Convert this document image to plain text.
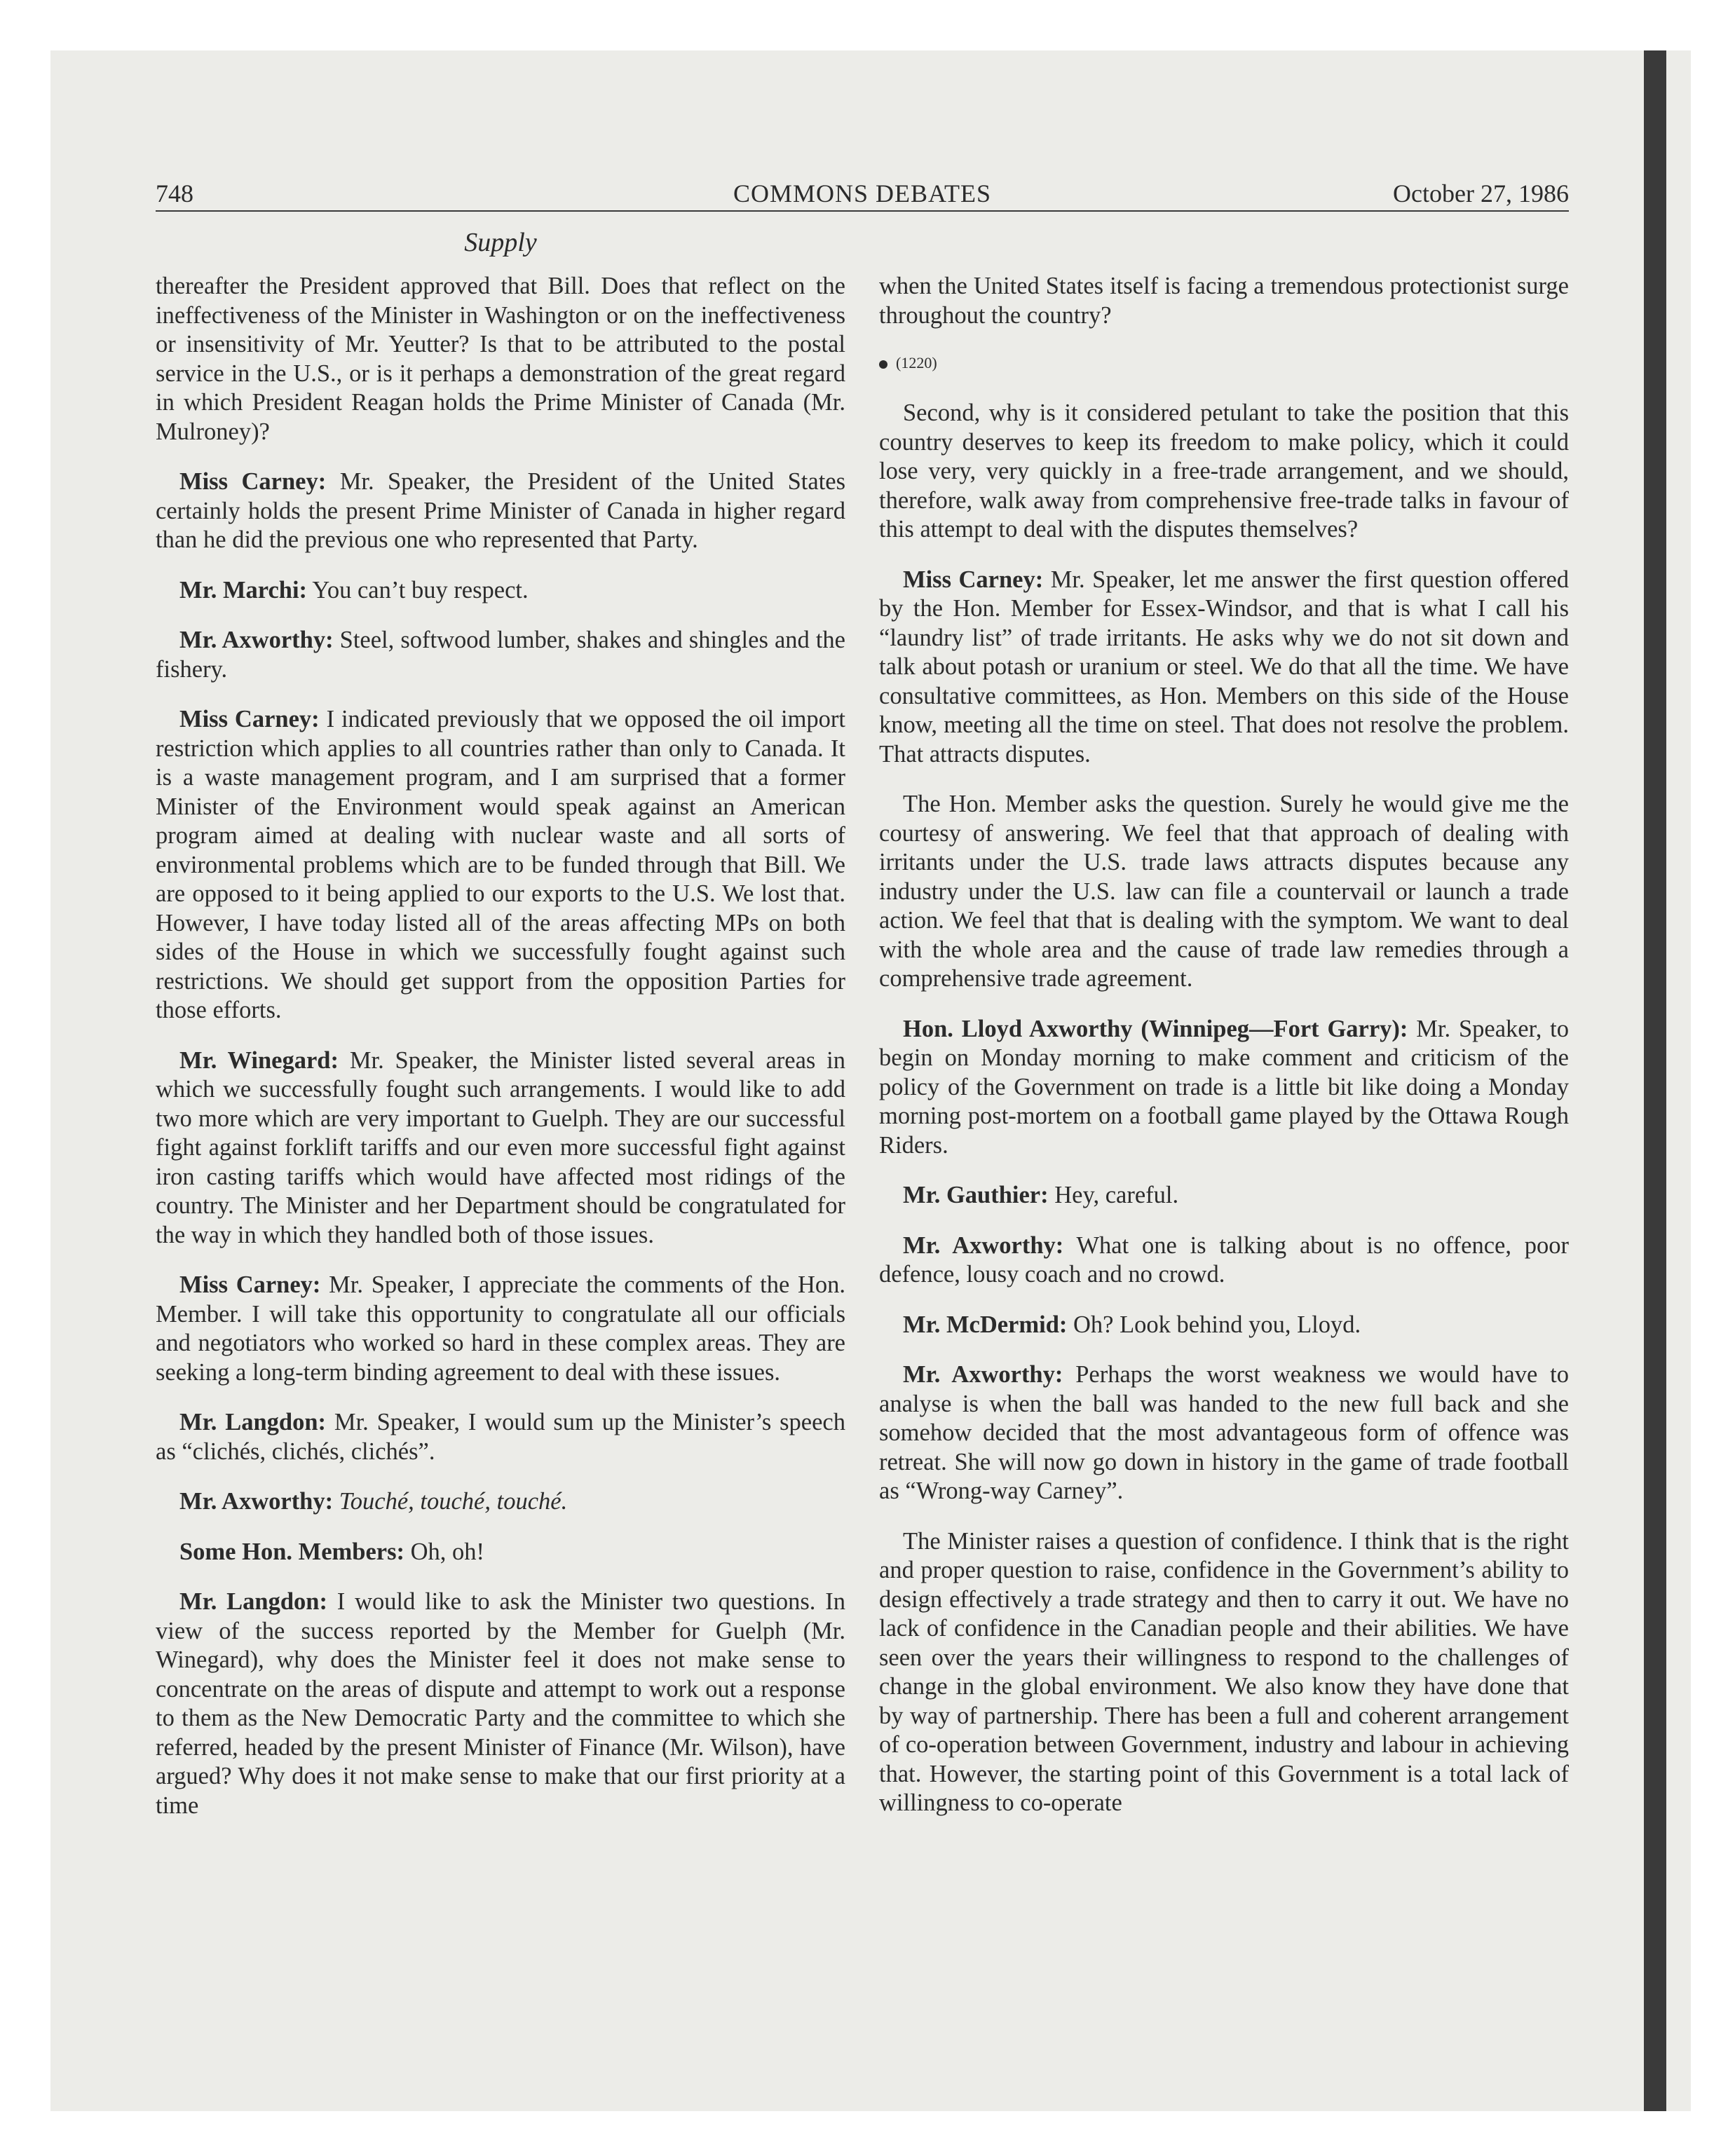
748	COMMONS DEBATES	October 27, 1986
Supply

thereafter the President approved that Bill. Does that reflect on the ineffectiveness of the Minister in Washington or on the ineffectiveness or insensitivity of Mr. Yeutter? Is that to be attributed to the postal service in the U.S., or is it perhaps a demonstration of the great regard in which President Reagan holds the Prime Minister of Canada (Mr. Mulroney)?

Miss Carney: Mr. Speaker, the President of the United States certainly holds the present Prime Minister of Canada in higher regard than he did the previous one who represented that Party.

Mr. Marchi: You can’t buy respect.

Mr. Axworthy: Steel, softwood lumber, shakes and shingles and the fishery.

Miss Carney: I indicated previously that we opposed the oil import restriction which applies to all countries rather than only to Canada. It is a waste management program, and I am surprised that a former Minister of the Environment would speak against an American program aimed at dealing with nuclear waste and all sorts of environmental problems which are to be funded through that Bill. We are opposed to it being applied to our exports to the U.S. We lost that. However, I have today listed all of the areas affecting MPs on both sides of the House in which we successfully fought against such restrictions. We should get support from the opposition Parties for those efforts.

Mr. Winegard: Mr. Speaker, the Minister listed several areas in which we successfully fought such arrangements. I would like to add two more which are very important to Guelph. They are our successful fight against forklift tariffs and our even more successful fight against iron casting tariffs which would have affected most ridings of the country. The Minister and her Department should be congratulated for the way in which they handled both of those issues.

Miss Carney: Mr. Speaker, I appreciate the comments of the Hon. Member. I will take this opportunity to congratulate all our officials and negotiators who worked so hard in these complex areas. They are seeking a long-term binding agreement to deal with these issues.

Mr. Langdon: Mr. Speaker, I would sum up the Minister’s speech as “clichés, clichés, clichés”.

Mr. Axworthy: Touché, touché, touché.

Some Hon. Members: Oh, oh!

Mr. Langdon: I would like to ask the Minister two questions. In view of the success reported by the Member for Guelph (Mr. Winegard), why does the Minister feel it does not make sense to concentrate on the areas of dispute and attempt to work out a response to them as the New Democratic Party and the committee to which she referred, headed by the present Minister of Finance (Mr. Wilson), have argued? Why does it not make sense to make that our first priority at a time

when the United States itself is facing a tremendous protectionist surge throughout the country?

(1220)

Second, why is it considered petulant to take the position that this country deserves to keep its freedom to make policy, which it could lose very, very quickly in a free-trade arrangement, and we should, therefore, walk away from comprehensive free-trade talks in favour of this attempt to deal with the disputes themselves?

Miss Carney: Mr. Speaker, let me answer the first question offered by the Hon. Member for Essex-Windsor, and that is what I call his “laundry list” of trade irritants. He asks why we do not sit down and talk about potash or uranium or steel. We do that all the time. We have consultative committees, as Hon. Members on this side of the House know, meeting all the time on steel. That does not resolve the problem. That attracts disputes.

The Hon. Member asks the question. Surely he would give me the courtesy of answering. We feel that that approach of dealing with irritants under the U.S. trade laws attracts disputes because any industry under the U.S. law can file a countervail or launch a trade action. We feel that that is dealing with the symptom. We want to deal with the whole area and the cause of trade law remedies through a comprehensive trade agreement.

Hon. Lloyd Axworthy (Winnipeg—Fort Garry): Mr. Speaker, to begin on Monday morning to make comment and criticism of the policy of the Government on trade is a little bit like doing a Monday morning post-mortem on a football game played by the Ottawa Rough Riders.

Mr. Gauthier: Hey, careful.

Mr. Axworthy: What one is talking about is no offence, poor defence, lousy coach and no crowd.

Mr. McDermid: Oh? Look behind you, Lloyd.

Mr. Axworthy: Perhaps the worst weakness we would have to analyse is when the ball was handed to the new full back and she somehow decided that the most advantageous form of offence was retreat. She will now go down in history in the game of trade football as “Wrong-way Carney”.

The Minister raises a question of confidence. I think that is the right and proper question to raise, confidence in the Government’s ability to design effectively a trade strategy and then to carry it out. We have no lack of confidence in the Canadian people and their abilities. We have seen over the years their willingness to respond to the challenges of change in the global environment. We also know they have done that by way of partnership. There has been a full and coherent arrangement of co-operation between Government, industry and labour in achieving that. However, the starting point of this Government is a total lack of willingness to co-operate
